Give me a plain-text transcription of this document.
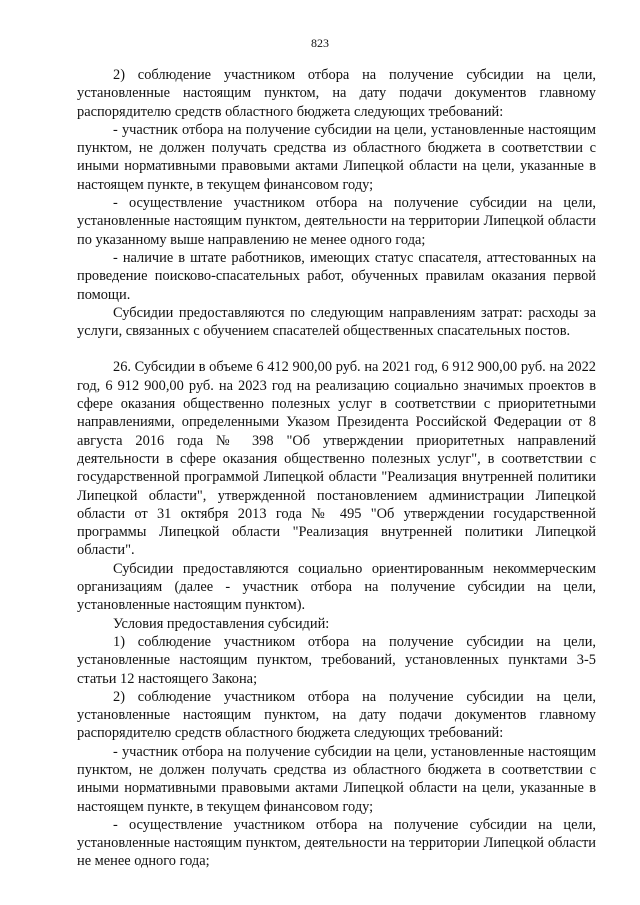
823

2) соблюдение участником отбора на получение субсидии на цели, установленные настоящим пунктом, на дату подачи документов главному распорядителю средств областного бюджета следующих требований:

- участник отбора на получение субсидии на цели, установленные настоящим пунктом, не должен получать средства из областного бюджета в соответствии с иными нормативными правовыми актами Липецкой области на цели, указанные в настоящем пункте, в текущем финансовом году;

- осуществление участником отбора на получение субсидии на цели, установленные настоящим пунктом, деятельности на территории Липецкой области по указанному выше направлению не менее одного года;

- наличие в штате работников, имеющих статус спасателя, аттестованных на проведение поисково-спасательных работ, обученных правилам оказания первой помощи.

Субсидии предоставляются по следующим направлениям затрат: расходы за услуги, связанных с обучением спасателей общественных спасательных постов.

26. Субсидии в объеме 6 412 900,00 руб. на 2021 год, 6 912 900,00 руб. на 2022 год, 6 912 900,00 руб. на 2023 год на реализацию социально значимых проектов в сфере оказания общественно полезных услуг в соответствии с приоритетными направлениями, определенными Указом Президента Российской Федерации от 8 августа 2016 года № 398 "Об утверждении приоритетных направлений деятельности в сфере оказания общественно полезных услуг", в соответствии с государственной программой Липецкой области "Реализация внутренней политики Липецкой области", утвержденной постановлением администрации Липецкой области от 31 октября 2013 года № 495 "Об утверждении государственной программы Липецкой области "Реализация внутренней политики Липецкой области".

Субсидии предоставляются социально ориентированным некоммерческим организациям (далее - участник отбора на получение субсидии на цели, установленные настоящим пунктом).

Условия предоставления субсидий:

1) соблюдение участником отбора на получение субсидии на цели, установленные настоящим пунктом, требований, установленных пунктами 3-5 статьи 12 настоящего Закона;

2) соблюдение участником отбора на получение субсидии на цели, установленные настоящим пунктом, на дату подачи документов главному распорядителю средств областного бюджета следующих требований:

- участник отбора на получение субсидии на цели, установленные настоящим пунктом, не должен получать средства из областного бюджета в соответствии с иными нормативными правовыми актами Липецкой области на цели, указанные в настоящем пункте, в текущем финансовом году;

- осуществление участником отбора на получение субсидии на цели, установленные настоящим пунктом, деятельности на территории Липецкой области не менее одного года;
